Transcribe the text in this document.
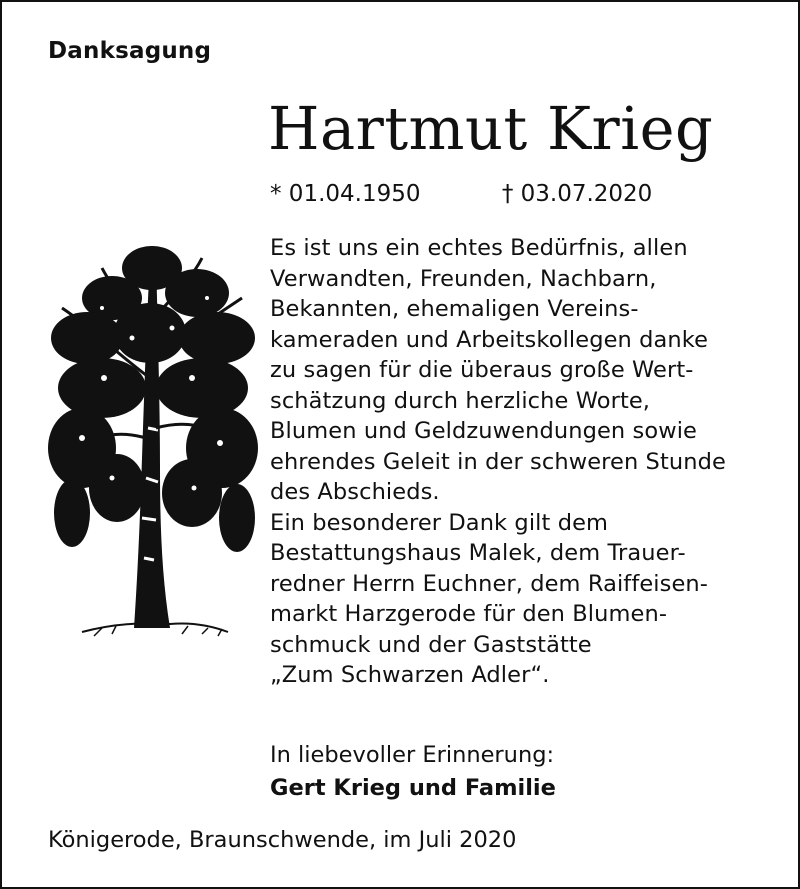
Danksagung
Hartmut Krieg
* 01.04.1950	† 03.07.2020
Es ist uns ein echtes Bedürfnis, allen
Verwandten, Freunden, Nachbarn,
Bekannten, ehemaligen Vereins-
kameraden und Arbeitskollegen danke
zu sagen für die überaus große Wert-
schätzung durch herzliche Worte,
Blumen und Geldzuwendungen sowie
ehrendes Geleit in der schweren Stunde
des Abschieds.
Ein besonderer Dank gilt dem
Bestattungshaus Malek, dem Trauer-
redner Herrn Euchner, dem Raiffeisen-
markt Harzgerode für den Blumen-
schmuck und der Gaststätte
„Zum Schwarzen Adler“.
In liebevoller Erinnerung:
Gert Krieg und Familie
Königerode, Braunschwende, im Juli 2020
